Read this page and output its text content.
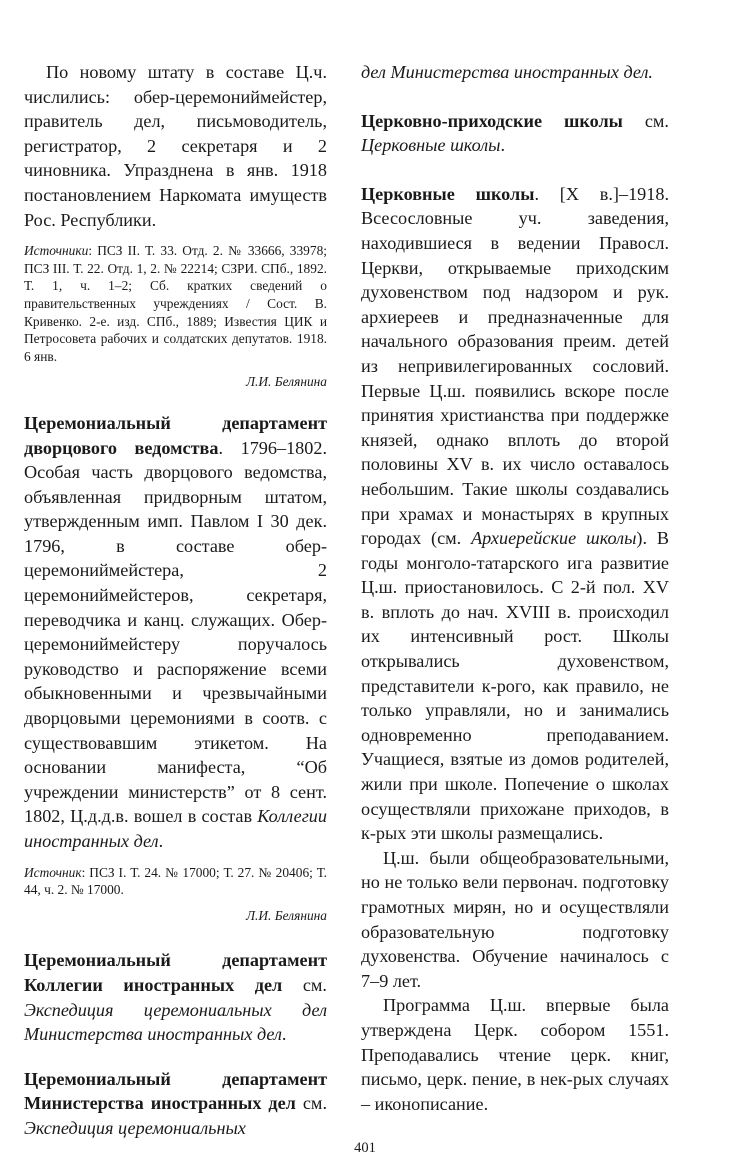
По новому штату в составе Ц.ч. числились: обер-церемониймейстер, правитель дел, письмоводитель, регистратор, 2 секретаря и 2 чиновника. Упразднена в янв. 1918 постановлением Наркомата имуществ Рос. Республики.

Источники: ПСЗ II. Т. 33. Отд. 2. № 33666, 33978; ПСЗ III. Т. 22. Отд. 1, 2. № 22214; СЗРИ. СПб., 1892. Т. 1, ч. 1–2; Сб. кратких сведений о правительственных учреждениях / Сост. В. Кривенко. 2-е. изд. СПб., 1889; Известия ЦИК и Петросовета рабочих и солдатских депутатов. 1918. 6 янв.

Л.И. Белянина

Церемониальный департамент дворцового ведомства. 1796–1802. Особая часть дворцового ведомства, объявленная придворным штатом, утвержденным имп. Павлом I 30 дек. 1796, в составе обер-церемониймейстера, 2 церемониймейстеров, секретаря, переводчика и канц. служащих. Обер-церемониймейстеру поручалось руководство и распоряжение всеми обыкновенными и чрезвычайными дворцовыми церемониями в соотв. с существовавшим этикетом. На основании манифеста, “Об учреждении министерств” от 8 сент. 1802, Ц.д.д.в. вошел в состав Коллегии иностранных дел.

Источник: ПСЗ I. Т. 24. № 17000; Т. 27. № 20406; Т. 44, ч. 2. № 17000.

Л.И. Белянина

Церемониальный департамент Коллегии иностранных дел см. Экспедиция церемониальных дел Министерства иностранных дел.

Церемониальный департамент Министерства иностранных дел см. Экспедиция церемониальных

дел Министерства иностранных дел.

Церковно-приходские школы см. Церковные школы.

Церковные школы. [X в.]–1918. Всесословные уч. заведения, находившиеся в ведении Правосл. Церкви, открываемые приходским духовенством под надзором и рук. архиереев и предназначенные для начального образования преим. детей из непривилегированных сословий. Первые Ц.ш. появились вскоре после принятия христианства при поддержке князей, однако вплоть до второй половины XV в. их число оставалось небольшим. Такие школы создавались при храмах и монастырях в крупных городах (см. Архиерейские школы). В годы монголо-татарского ига развитие Ц.ш. приостановилось. С 2-й пол. XV в. вплоть до нач. XVIII в. происходил их интенсивный рост. Школы открывались духовенством, представители к-рого, как правило, не только управляли, но и занимались одновременно преподаванием. Учащиеся, взятые из домов родителей, жили при школе. Попечение о школах осуществляли прихожане приходов, в к-рых эти школы размещались.

Ц.ш. были общеобразовательными, но не только вели первонач. подготовку грамотных мирян, но и осуществляли образовательную подготовку духовенства. Обучение начиналось с 7–9 лет.

Программа Ц.ш. впервые была утверждена Церк. собором 1551. Преподавались чтение церк. книг, письмо, церк. пение, в нек-рых случаях – иконописание.

401
